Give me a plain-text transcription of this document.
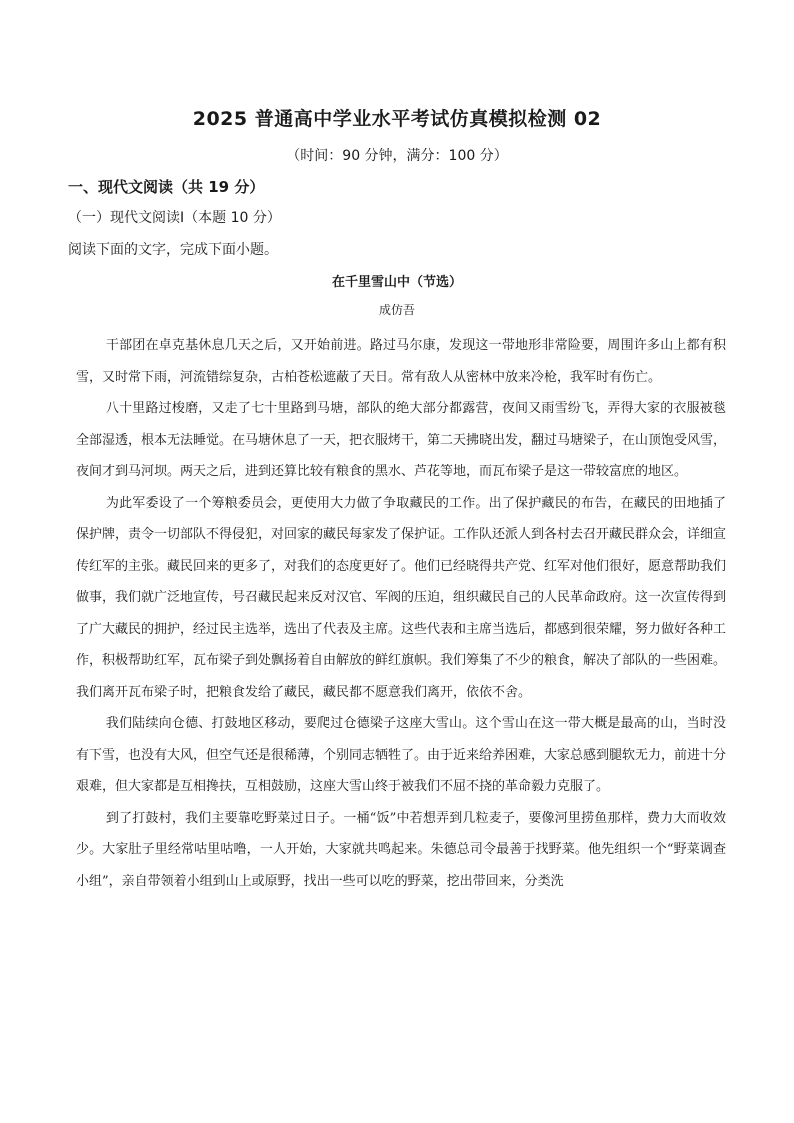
2025 普通高中学业水平考试仿真模拟检测 02
（时间：90 分钟，满分：100 分）
一、现代文阅读（共 19 分）
（一）现代文阅读Ⅰ（本题 10 分）
阅读下面的文字，完成下面小题。
在千里雪山中（节选）
成仿吾

干部团在卓克基休息几天之后，又开始前进。路过马尔康，发现这一带地形非常险要，周围许多山上都有积雪，又时常下雨，河流错综复杂，古柏苍松遮蔽了天日。常有敌人从密林中放来冷枪，我军时有伤亡。

八十里路过梭磨，又走了七十里路到马塘，部队的绝大部分都露营，夜间又雨雪纷飞，弄得大家的衣服被毯全部湿透，根本无法睡觉。在马塘休息了一天，把衣服烤干，第二天拂晓出发，翻过马塘梁子，在山顶饱受风雪，夜间才到马河坝。两天之后，进到还算比较有粮食的黑水、芦花等地，而瓦布梁子是这一带较富庶的地区。

为此军委设了一个筹粮委员会，更使用大力做了争取藏民的工作。出了保护藏民的布告，在藏民的田地插了保护牌，责令一切部队不得侵犯，对回家的藏民每家发了保护证。工作队还派人到各村去召开藏民群众会，详细宣传红军的主张。藏民回来的更多了，对我们的态度更好了。他们已经晓得共产党、红军对他们很好，愿意帮助我们做事，我们就广泛地宣传，号召藏民起来反对汉官、军阀的压迫，组织藏民自己的人民革命政府。这一次宣传得到了广大藏民的拥护，经过民主选举，选出了代表及主席。这些代表和主席当选后，都感到很荣耀，努力做好各种工作，积极帮助红军，瓦布梁子到处飘扬着自由解放的鲜红旗帜。我们筹集了不少的粮食，解决了部队的一些困难。我们离开瓦布梁子时，把粮食发给了藏民，藏民都不愿意我们离开，依依不舍。

我们陆续向仓德、打鼓地区移动，要爬过仓德梁子这座大雪山。这个雪山在这一带大概是最高的山，当时没有下雪，也没有大风，但空气还是很稀薄，个别同志牺牲了。由于近来给养困难，大家总感到腿软无力，前进十分艰难，但大家都是互相搀扶，互相鼓励，这座大雪山终于被我们不屈不挠的革命毅力克服了。

到了打鼓村，我们主要靠吃野菜过日子。一桶“饭”中若想弄到几粒麦子，要像河里捞鱼那样，费力大而收效少。大家肚子里经常咕里咕噜，一人开始，大家就共鸣起来。朱德总司令最善于找野菜。他先组织一个“野菜调查小组”，亲自带领着小组到山上或原野，找出一些可以吃的野菜，挖出带回来，分类洗
